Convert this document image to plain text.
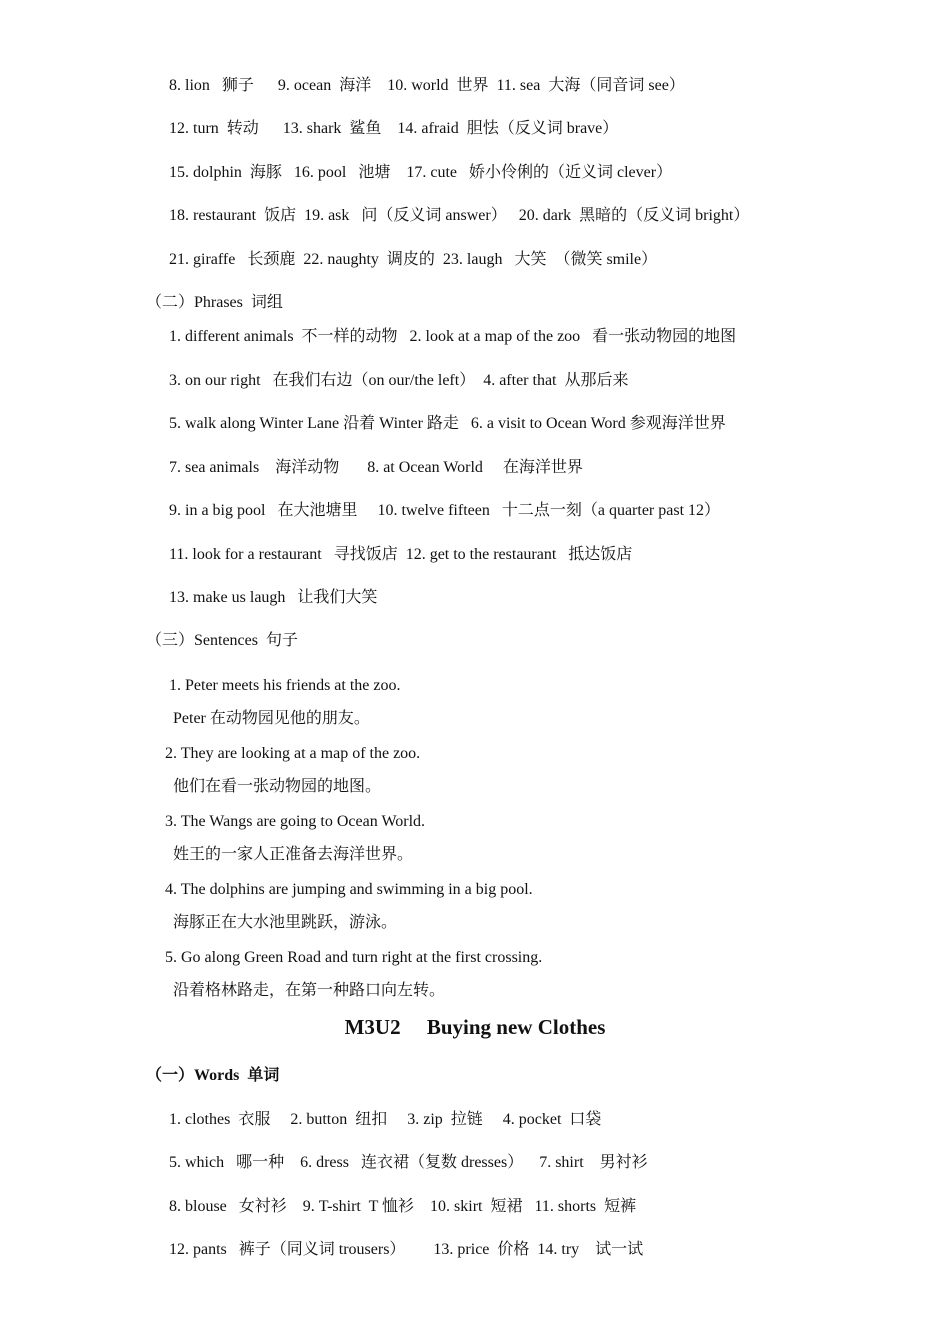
8. lion   狮子      9. ocean  海洋    10. world  世界  11. sea  大海（同音词 see）
12. turn  转动      13. shark  鲨鱼    14. afraid  胆怯（反义词 brave）
15. dolphin  海豚   16. pool   池塘    17. cute   娇小伶俐的（近义词 clever）
18. restaurant  饭店  19. ask   问（反义词 answer）   20. dark  黑暗的（反义词 bright）
21. giraffe   长颈鹿  22. naughty  调皮的  23. laugh   大笑  （微笑 smile）
（二）Phrases  词组
1. different animals  不一样的动物   2. look at a map of the zoo   看一张动物园的地图
3. on our right   在我们右边（on our/the left）  4. after that  从那后来
5. walk along Winter Lane 沿着 Winter 路走   6. a visit to Ocean Word 参观海洋世界
7. sea animals    海洋动物       8. at Ocean World     在海洋世界
9. in a big pool   在大池塘里     10. twelve fifteen   十二点一刻（a quarter past 12）
11. look for a restaurant   寻找饭店  12. get to the restaurant   抵达饭店
13. make us laugh   让我们大笑
（三）Sentences  句子
1. Peter meets his friends at the zoo.
Peter 在动物园见他的朋友。
2. They are looking at a map of the zoo.
他们在看一张动物园的地图。
3. The Wangs are going to Ocean World.
姓王的一家人正准备去海洋世界。
4. The dolphins are jumping and swimming in a big pool.
海豚正在大水池里跳跃，游泳。
5. Go along Green Road and turn right at the first crossing.
沿着格林路走，在第一种路口向左转。
M3U2     Buying new Clothes
（一）Words  单词
1. clothes  衣服     2. button  纽扣     3. zip  拉链     4. pocket  口袋
5. which   哪一种    6. dress   连衣裙（复数 dresses）    7. shirt    男衬衫
8. blouse   女衬衫    9. T-shirt  T 恤衫    10. skirt  短裙   11. shorts  短裤
12. pants   裤子（同义词 trousers）       13. price  价格  14. try    试一试
